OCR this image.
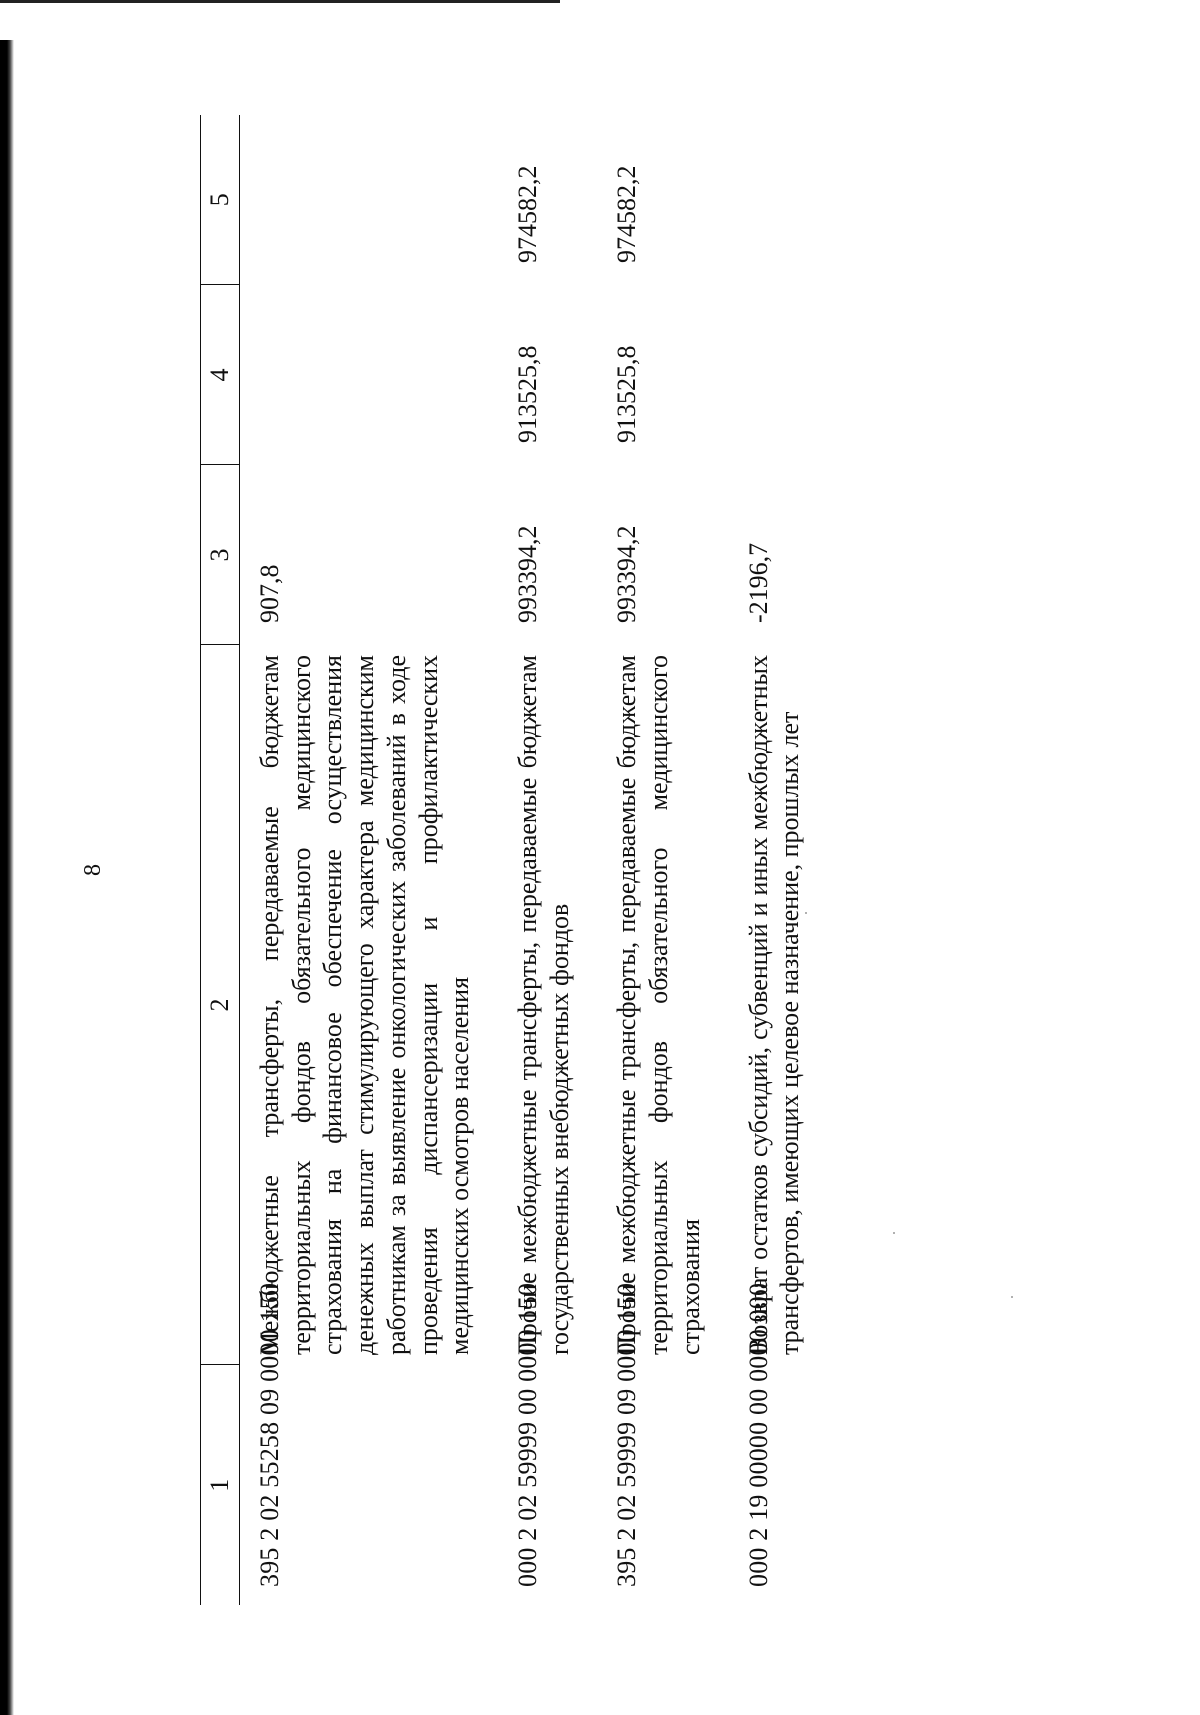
8
1	2	3	4	5
395 2 02 55258 09 0000 150	Межбюджетные трансферты, передаваемые бюджетам территориальных фондов обязательного медицинского страхования на финансовое обеспечение осуществления денежных выплат стимулирующего характера медицинским работникам за выявление онкологических заболеваний в ходе проведения диспансеризации и профилактических медицинских осмотров населения	907,8		
000 2 02 59999 00 0000 150	Прочие межбюджетные трансферты, передаваемые бюджетам государственных внебюджетных фондов	993394,2	913525,8	974582,2
395 2 02 59999 09 0000 150	Прочие межбюджетные трансферты, передаваемые бюджетам территориальных фондов обязательного медицинского страхования	993394,2	913525,8	974582,2
000 2 19 00000 00 0000 000	Возврат остатков субсидий, субвенций и иных межбюджетных трансфертов, имеющих целевое назначение, прошлых лет	-2196,7		
